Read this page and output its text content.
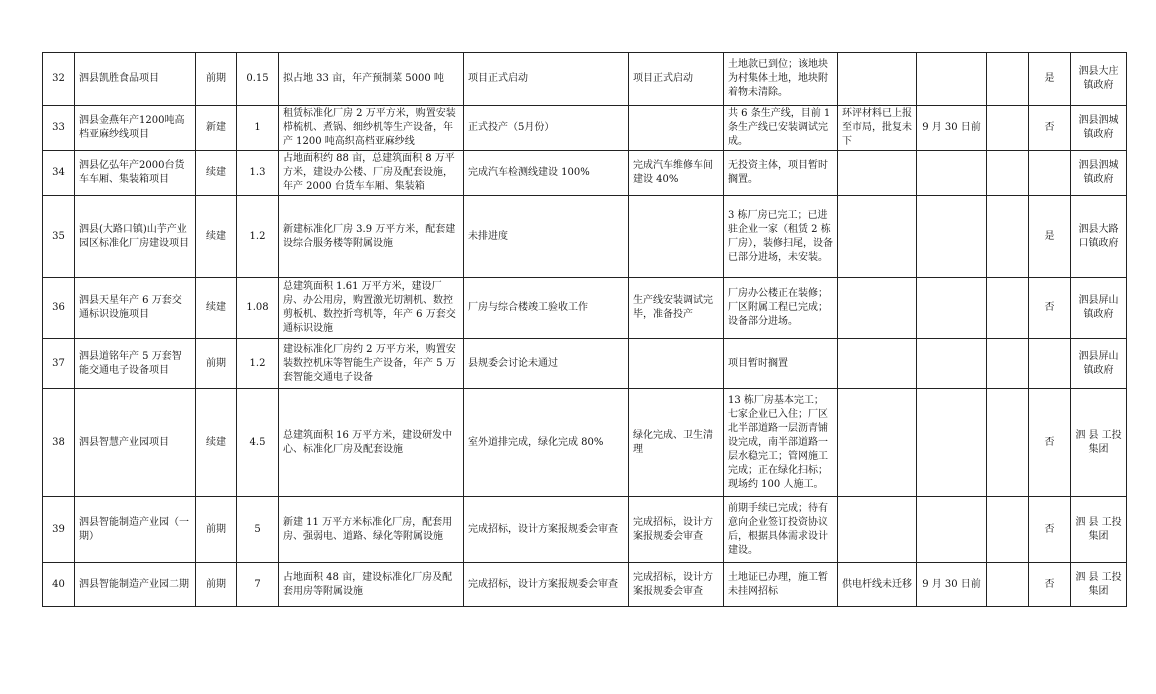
32	泗县凯胜食品项目	前期	0.15	拟占地 33 亩，年产预制菜 5000 吨	项目正式启动	项目正式启动	土地款已到位；该地块为村集体土地，地块附着物未清除。				是	泗县大庄镇政府
33	泗县金燕年产1200吨高档亚麻纱线项目	新建	1	租赁标准化厂房 2 万平方米，购置安装栉梳机、煮锅、细纱机等生产设备，年产 1200 吨高织高档亚麻纱线	正式投产（5月份）		共 6 条生产线，目前 1 条生产线已安装调试完成。	环评材料已上报至市局，批复未下	9 月 30 日前		否	泗县泗城镇政府
34	泗县亿弘年产2000台货车车厢、集装箱项目	续建	1.3	占地面积约 88 亩，总建筑面积 8 万平方米，建设办公楼、厂房及配套设施，年产 2000 台货车车厢、集装箱	完成汽车检测线建设 100%	完成汽车维修车间建设 40%	无投资主体，项目暂时搁置。					泗县泗城镇政府
35	泗县(大路口镇)山芋产业园区标准化厂房建设项目	续建	1.2	新建标准化厂房 3.9 万平方米，配套建设综合服务楼等附属设施	未排进度		3 栋厂房已完工；已进驻企业一家（租赁 2 栋厂房），装修扫尾，设备已部分进场，未安装。				是	泗县大路口镇政府
36	泗县天星年产 6 万套交通标识设施项目	续建	1.08	总建筑面积 1.61 万平方米，建设厂房、办公用房，购置激光切割机、数控剪板机、数控折弯机等，年产 6 万套交通标识设施	厂房与综合楼竣工验收工作	生产线安装调试完毕，准备投产	厂房办公楼正在装修；厂区附属工程已完成；设备部分进场。				否	泗县屏山镇政府
37	泗县道铭年产 5 万套智能交通电子设备项目	前期	1.2	建设标准化厂房约 2 万平方米，购置安装数控机床等智能生产设备，年产 5 万套智能交通电子设备	县规委会讨论未通过		项目暂时搁置					泗县屏山镇政府
38	泗县智慧产业园项目	续建	4.5	总建筑面积 16 万平方米，建设研发中心、标准化厂房及配套设施	室外道排完成，绿化完成 80%	绿化完成、卫生清理	13 栋厂房基本完工；七家企业已入住；厂区北半部道路一层沥青铺设完成，南半部道路一层水稳完工；管网施工完成；正在绿化扫标；现场约 100 人施工。				否	泗 县 工投集团
39	泗县智能制造产业园（一期）	前期	5	新建 11 万平方米标准化厂房，配套用房、强弱电、道路、绿化等附属设施	完成招标，设计方案报规委会审查	完成招标，设计方案报规委会审查	前期手续已完成；待有意向企业签订投资协议后，根据具体需求设计建设。				否	泗 县 工投集团
40	泗县智能制造产业园二期	前期	7	占地面积 48 亩，建设标准化厂房及配套用房等附属设施	完成招标，设计方案报规委会审查	完成招标，设计方案报规委会审查	土地证已办理，施工暂未挂网招标	供电杆线未迁移	9 月 30 日前		否	泗 县 工投集团
